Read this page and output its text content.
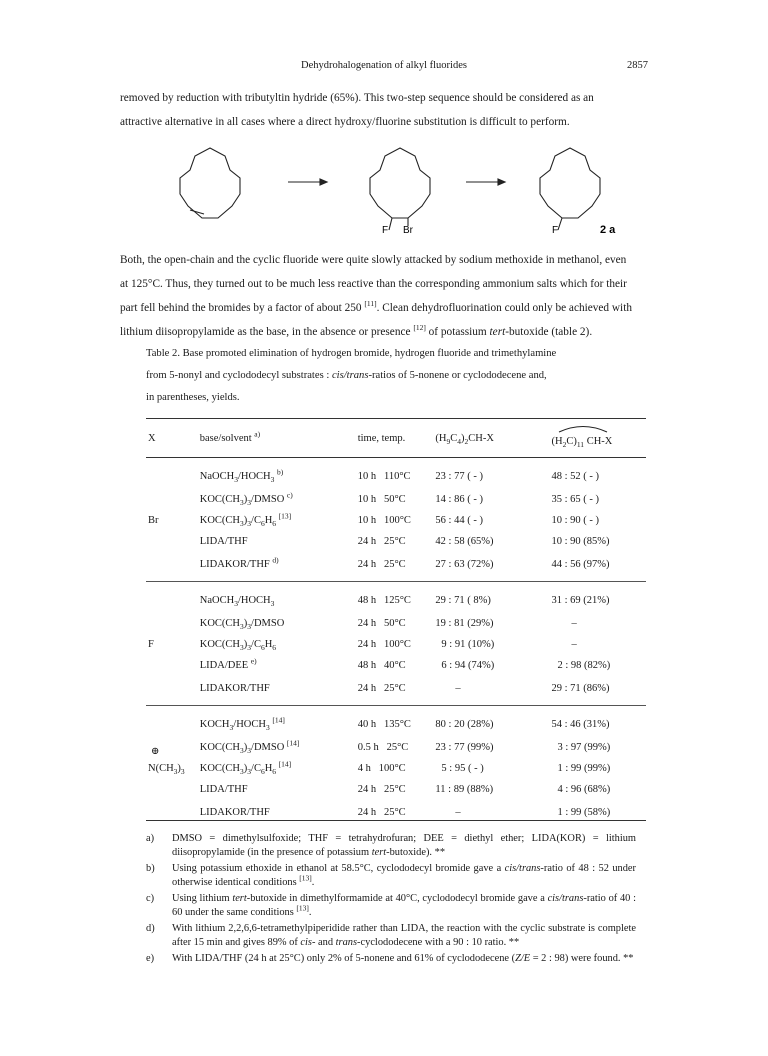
Dehydrohalogenation of alkyl fluorides	2857
removed by reduction with tributyltin hydride (65%). This two-step sequence should be considered as an
attractive alternative in all cases where a direct hydroxy/fluorine substitution is difficult to perform.
F Br	F	2 a
Both, the open-chain and the cyclic fluoride were quite slowly attacked by sodium methoxide in methanol, even
at 125°C. Thus, they turned out to be much less reactive than the corresponding ammonium salts which for their
part fell behind the bromides by a factor of about 250 [11]. Clean dehydrofluorination could only be achieved with
lithium diisopropylamide as the base, in the absence or presence [12] of potassium tert-butoxide (table 2).
Table 2. Base promoted elimination of hydrogen bromide, hydrogen fluoride and trimethylamine
from 5-nonyl and cyclododecyl substrates : cis/trans-ratios of 5-nonene or cyclododecene and,
in parentheses, yields.
X	base/solvent $^{a)}$	time, temp.	$(H_9C_4)_2CH-X$	$(H_2C)_{11}$ CH-X
	$NaOCH_3/HOCH_3$ $^{b)}$	10 h 110°C	23 : 77 ( - )	48 : 52 ( - )
	$KOC(CH_3)_3$/DMSO $^{c)}$	10 h 50°C	14 : 86 ( - )	35 : 65 ( - )
Br	$KOC(CH_3)_3/C_6H_6$ [13]	10 h 100°C	56 : 44 ( - )	10 : 90 ( - )
	LIDA/THF	24 h 25°C	42 : 58 (65%)	10 : 90 (85%)
	LIDAKOR/THF $^{d)}$	24 h 25°C	27 : 63 (72%)	44 : 56 (97%)
	$NaOCH_3/HOCH_3$	48 h 125°C	29 : 71 ( 8%)	31 : 69 (21%)
	$KOC(CH_3)_3$/DMSO	24 h 50°C	19 : 81 (29%)	–
F	$KOC(CH_3)_3/C_6H_6$	24 h 100°C	9 : 91 (10%)	–
	LIDA/DEE $^{e)}$	48 h 40°C	6 : 94 (74%)	2 : 98 (82%)
	LIDAKOR/THF	24 h 25°C	–	29 : 71 (86%)
	$KOCH_3/HOCH_3$ [14]	40 h 135°C	80 : 20 (28%)	54 : 46 (31%)
⊕	$KOC(CH_3)_3$/DMSO [14]	0.5 h 25°C	23 : 77 (99%)	3 : 97 (99%)
$N(CH_3)_3$	$KOC(CH_3)_3/C_6H_6$ [14]	4 h 100°C	5 : 95 ( - )	1 : 99 (99%)
	LIDA/THF	24 h 25°C	11 : 89 (88%)	4 : 96 (68%)
	LIDAKOR/THF	24 h 25°C	–	1 : 99 (58%)
a) DMSO = dimethylsulfoxide; THF = tetrahydrofuran; DEE = diethyl ether; LIDA(KOR) = lithium diisopropylamide (in the presence of potassium tert-butoxide). **
b) Using potassium ethoxide in ethanol at 58.5°C, cyclododecyl bromide gave a cis/trans-ratio of 48 : 52 under otherwise identical conditions [13].
c) Using lithium tert-butoxide in dimethylformamide at 40°C, cyclododecyl bromide gave a cis/trans-ratio of 40 : 60 under the same conditions [13].
d) With lithium 2,2,6,6-tetramethylpiperidide rather than LIDA, the reaction with the cyclic substrate is complete after 15 min and gives 89% of cis- and trans-cyclododecene with a 90 : 10 ratio. **
e) With LIDA/THF (24 h at 25°C) only 2% of 5-nonene and 61% of cyclododecene (Z/E = 2 : 98) were found. **
